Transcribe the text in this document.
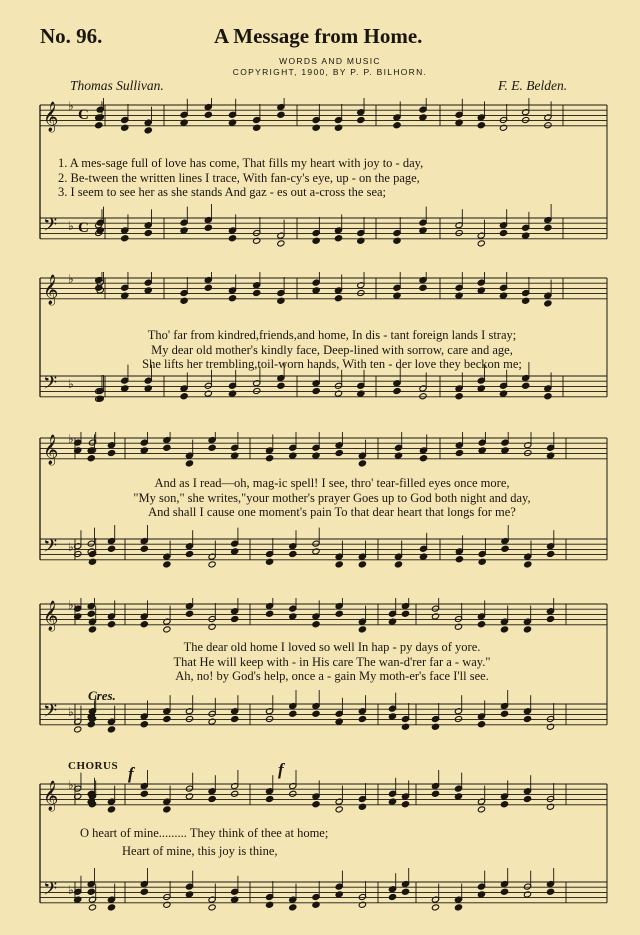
No. 96.	A Message from Home.
WORDS AND MUSIC
COPYRIGHT, 1900, BY P. P. BILHORN.
Thomas Sullivan.	F. E. Belden.
𝄞
𝄢
♭
♭
C
C
1. A mes-sage full of love has come, That fills my heart with joy to - day,
2. Be-tween the written lines I trace, With fan-cy's eye, up - on the page,
3. I seem to see her as she stands And gaz - es out a-cross the sea;
𝄞
𝄢
♭
♭
Tho' far from kindred,friends,and home, In dis - tant foreign lands I stray;
My dear old mother's kindly face, Deep-lined with sorrow, care and age,
She lifts her trembling,toil-worn hands, With ten - der love they beckon me;
𝄞
𝄢
♭
♭
And as I read—oh, mag-ic spell! I see, thro' tear-filled eyes once more,
"My son," she writes,"your mother's prayer Goes up to God both night and day,
And shall I cause one moment's pain To that dear heart that longs for me?
𝄞
𝄢
♭
♭
The dear old home I loved so well In hap - py days of yore.
That He will keep with - in His care The wan-d'rer far a - way."
Ah, no! by God's help, once a - gain My moth-er's face I'll see.
Cres.
𝄞
𝄢
♭
♭
CHORUS f	f
O heart of mine......... They think of thee at home;
Heart of mine, this joy is thine,
